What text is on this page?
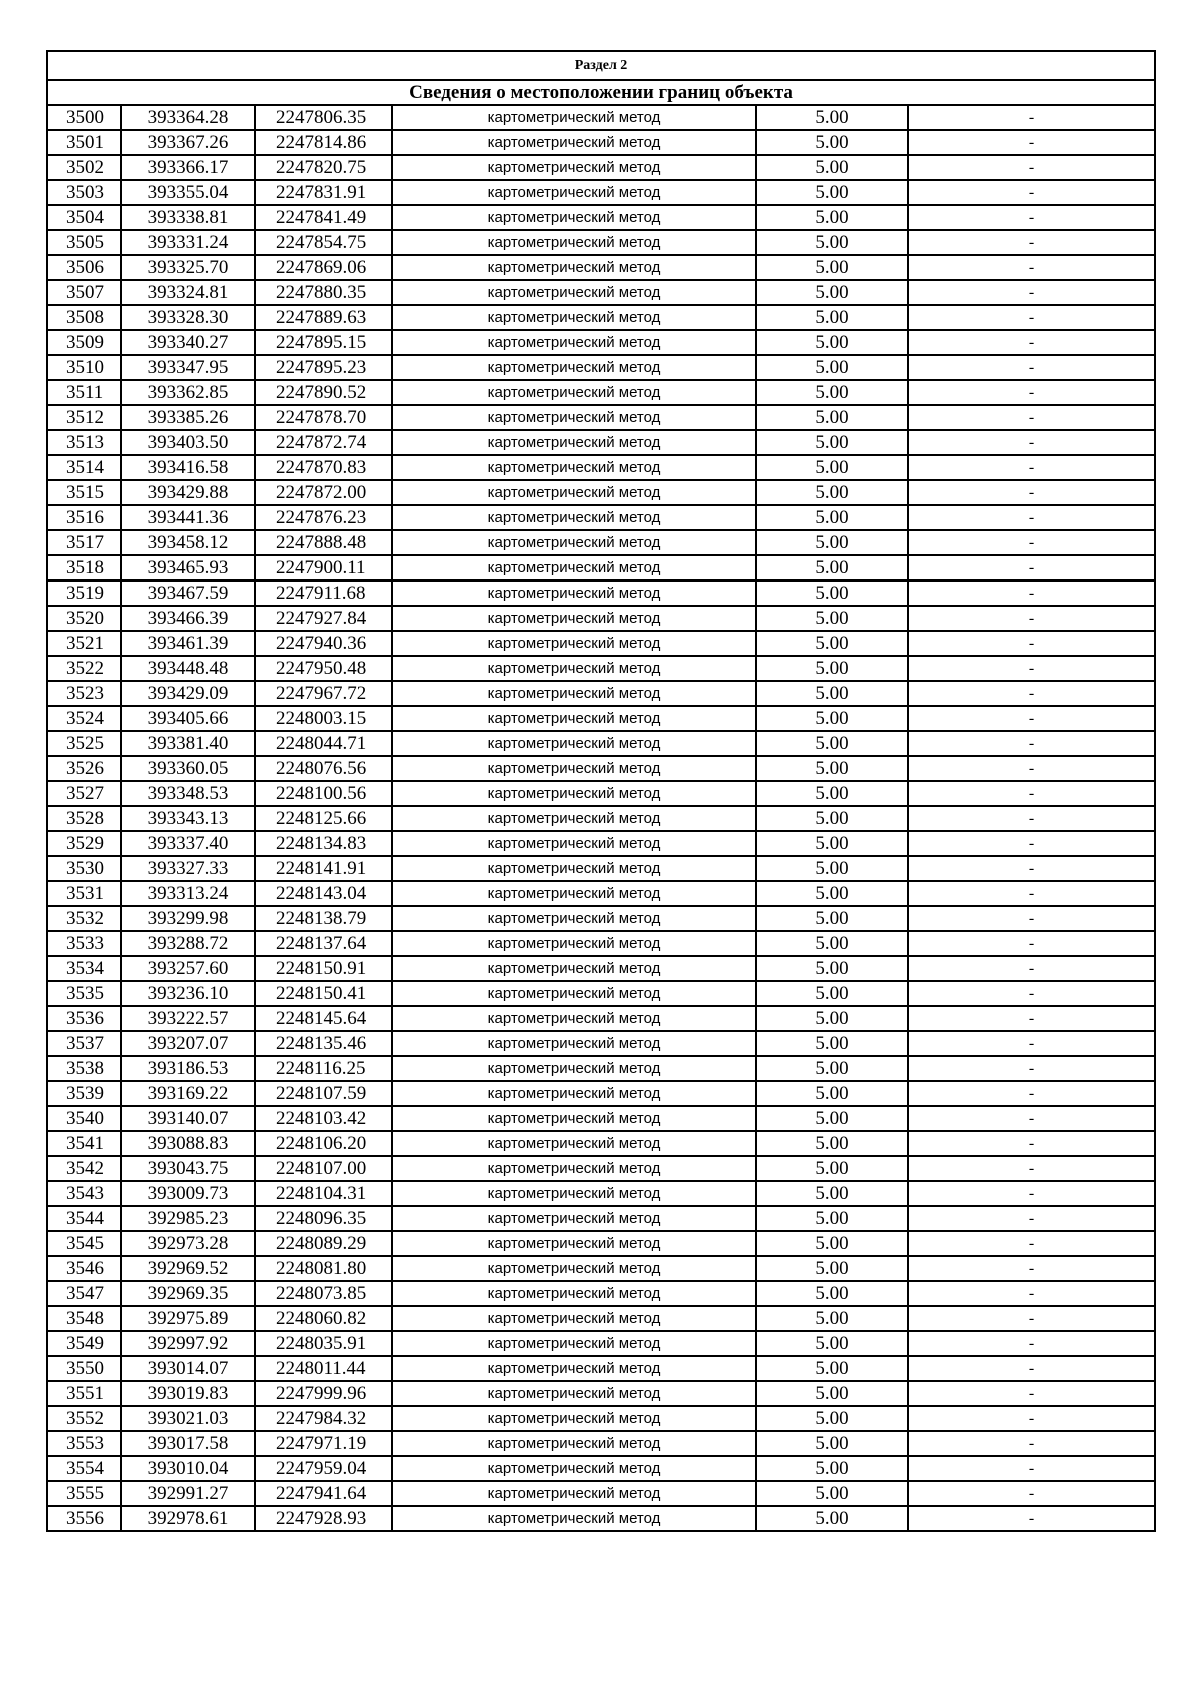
Раздел 2					
Сведения о местоположении границ объекта					
3500	393364.28	2247806.35	картометрический метод	5.00	-
3501	393367.26	2247814.86	картометрический метод	5.00	-
3502	393366.17	2247820.75	картометрический метод	5.00	-
3503	393355.04	2247831.91	картометрический метод	5.00	-
3504	393338.81	2247841.49	картометрический метод	5.00	-
3505	393331.24	2247854.75	картометрический метод	5.00	-
3506	393325.70	2247869.06	картометрический метод	5.00	-
3507	393324.81	2247880.35	картометрический метод	5.00	-
3508	393328.30	2247889.63	картометрический метод	5.00	-
3509	393340.27	2247895.15	картометрический метод	5.00	-
3510	393347.95	2247895.23	картометрический метод	5.00	-
3511	393362.85	2247890.52	картометрический метод	5.00	-
3512	393385.26	2247878.70	картометрический метод	5.00	-
3513	393403.50	2247872.74	картометрический метод	5.00	-
3514	393416.58	2247870.83	картометрический метод	5.00	-
3515	393429.88	2247872.00	картометрический метод	5.00	-
3516	393441.36	2247876.23	картометрический метод	5.00	-
3517	393458.12	2247888.48	картометрический метод	5.00	-
3518	393465.93	2247900.11	картометрический метод	5.00	-
3519	393467.59	2247911.68	картометрический метод	5.00	-
3520	393466.39	2247927.84	картометрический метод	5.00	-
3521	393461.39	2247940.36	картометрический метод	5.00	-
3522	393448.48	2247950.48	картометрический метод	5.00	-
3523	393429.09	2247967.72	картометрический метод	5.00	-
3524	393405.66	2248003.15	картометрический метод	5.00	-
3525	393381.40	2248044.71	картометрический метод	5.00	-
3526	393360.05	2248076.56	картометрический метод	5.00	-
3527	393348.53	2248100.56	картометрический метод	5.00	-
3528	393343.13	2248125.66	картометрический метод	5.00	-
3529	393337.40	2248134.83	картометрический метод	5.00	-
3530	393327.33	2248141.91	картометрический метод	5.00	-
3531	393313.24	2248143.04	картометрический метод	5.00	-
3532	393299.98	2248138.79	картометрический метод	5.00	-
3533	393288.72	2248137.64	картометрический метод	5.00	-
3534	393257.60	2248150.91	картометрический метод	5.00	-
3535	393236.10	2248150.41	картометрический метод	5.00	-
3536	393222.57	2248145.64	картометрический метод	5.00	-
3537	393207.07	2248135.46	картометрический метод	5.00	-
3538	393186.53	2248116.25	картометрический метод	5.00	-
3539	393169.22	2248107.59	картометрический метод	5.00	-
3540	393140.07	2248103.42	картометрический метод	5.00	-
3541	393088.83	2248106.20	картометрический метод	5.00	-
3542	393043.75	2248107.00	картометрический метод	5.00	-
3543	393009.73	2248104.31	картометрический метод	5.00	-
3544	392985.23	2248096.35	картометрический метод	5.00	-
3545	392973.28	2248089.29	картометрический метод	5.00	-
3546	392969.52	2248081.80	картометрический метод	5.00	-
3547	392969.35	2248073.85	картометрический метод	5.00	-
3548	392975.89	2248060.82	картометрический метод	5.00	-
3549	392997.92	2248035.91	картометрический метод	5.00	-
3550	393014.07	2248011.44	картометрический метод	5.00	-
3551	393019.83	2247999.96	картометрический метод	5.00	-
3552	393021.03	2247984.32	картометрический метод	5.00	-
3553	393017.58	2247971.19	картометрический метод	5.00	-
3554	393010.04	2247959.04	картометрический метод	5.00	-
3555	392991.27	2247941.64	картометрический метод	5.00	-
3556	392978.61	2247928.93	картометрический метод	5.00	-
